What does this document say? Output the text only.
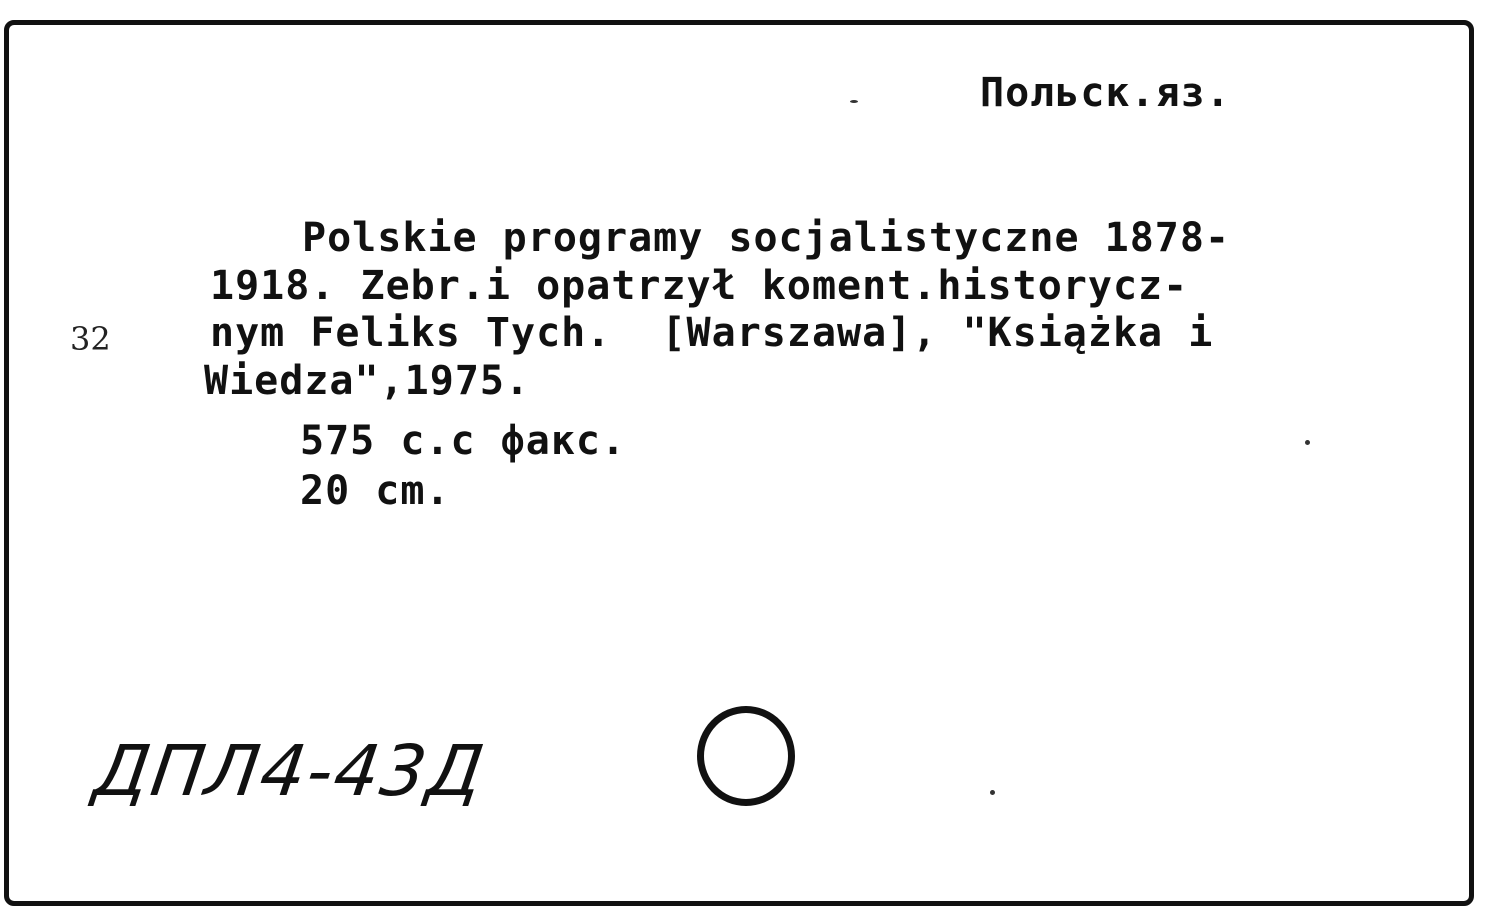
Польск.яз.
32
Polskie programy socjalistyczne 1878-
1918. Zebr.i opatrzył koment.historycz-
nym Feliks Tych.  [Warszawa], "Książka i
Wiedza",1975.
575 c.c факс.
20 cm.
ДПЛ4-43Д
